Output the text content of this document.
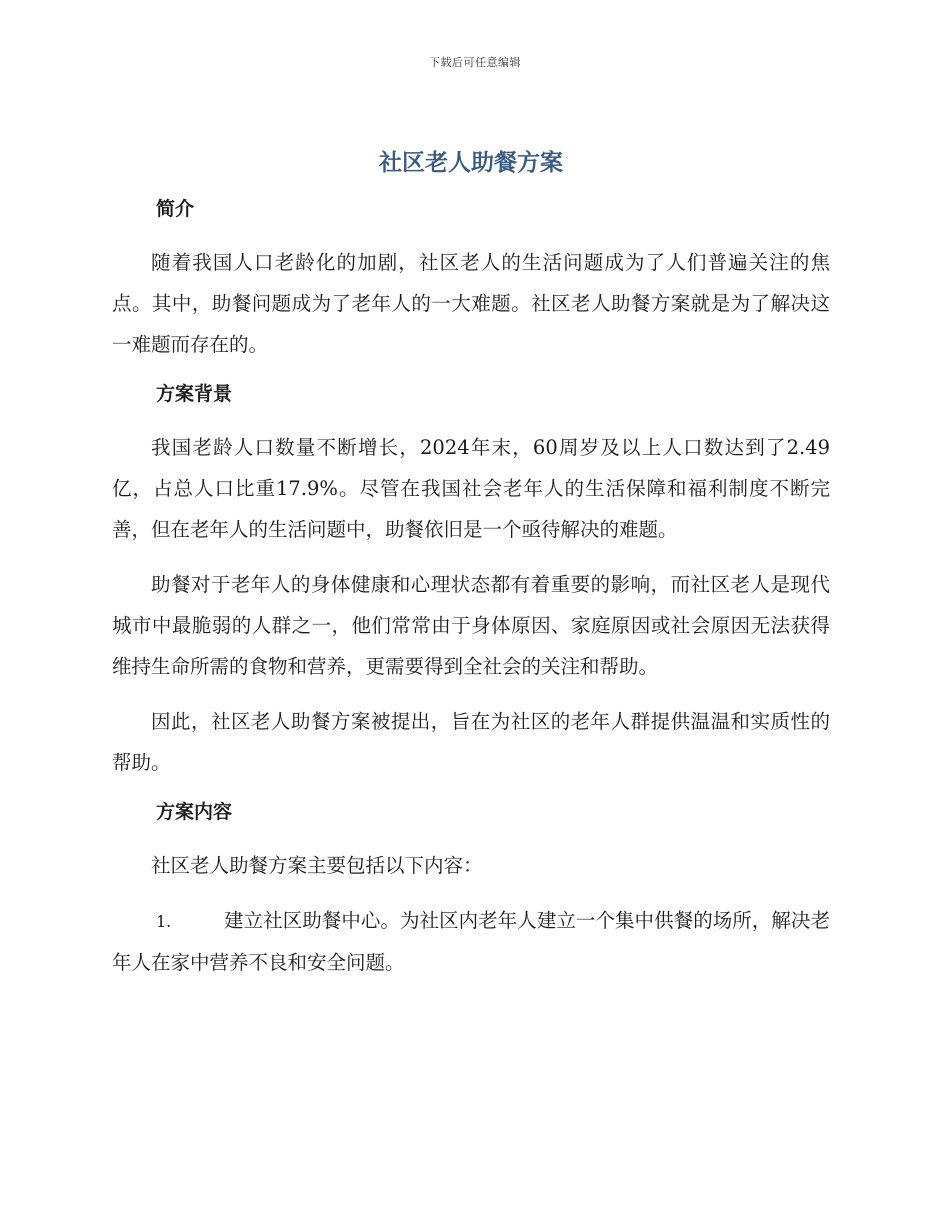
下载后可任意编辑
社区老人助餐方案
简介

随着我国人口老龄化的加剧，社区老人的生活问题成为了人们普遍关注的焦点。其中，助餐问题成为了老年人的一大难题。社区老人助餐方案就是为了解决这一难题而存在的。

方案背景

我国老龄人口数量不断增长，2024年末，60周岁及以上人口数达到了2.49亿，占总人口比重17.9%。尽管在我国社会老年人的生活保障和福利制度不断完善，但在老年人的生活问题中，助餐依旧是一个亟待解决的难题。

助餐对于老年人的身体健康和心理状态都有着重要的影响，而社区老人是现代城市中最脆弱的人群之一，他们常常由于身体原因、家庭原因或社会原因无法获得维持生命所需的食物和营养，更需要得到全社会的关注和帮助。

因此，社区老人助餐方案被提出，旨在为社区的老年人群提供温温和实质性的帮助。

方案内容

社区老人助餐方案主要包括以下内容：

1.	建立社区助餐中心。为社区内老年人建立一个集中供餐的场所，解决老年人在家中营养不良和安全问题。
